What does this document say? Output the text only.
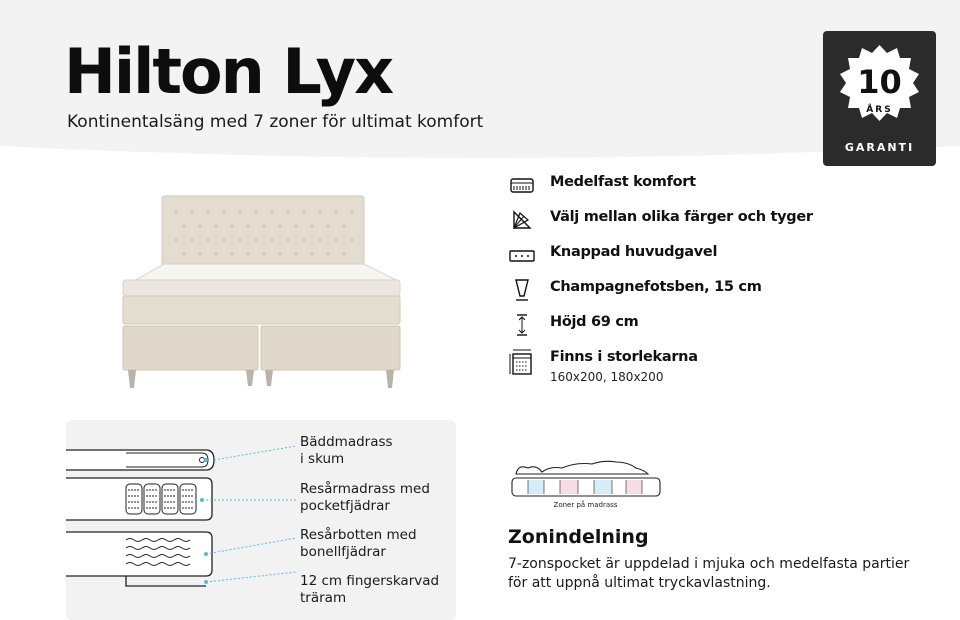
Hilton Lyx
Kontinentalsäng med 7 zoner för ultimat komfort
10
ÅRS
GARANTI
Medelfast komfort
Välj mellan olika färger och tyger
Knappad huvudgavel
Champagnefotsben, 15 cm
Höjd 69 cm
Finns i storlekarna
160x200, 180x200
Bäddmadrass
i skum
Resårmadrass med
pocketfjädrar
Resårbotten med
bonellfjädrar
12 cm fingerskarvad
träram
Zoner på madrass
Zonindelning
7-zonspocket är uppdelad i mjuka och medelfasta partier för att uppnå ultimat tryckavlastning.
